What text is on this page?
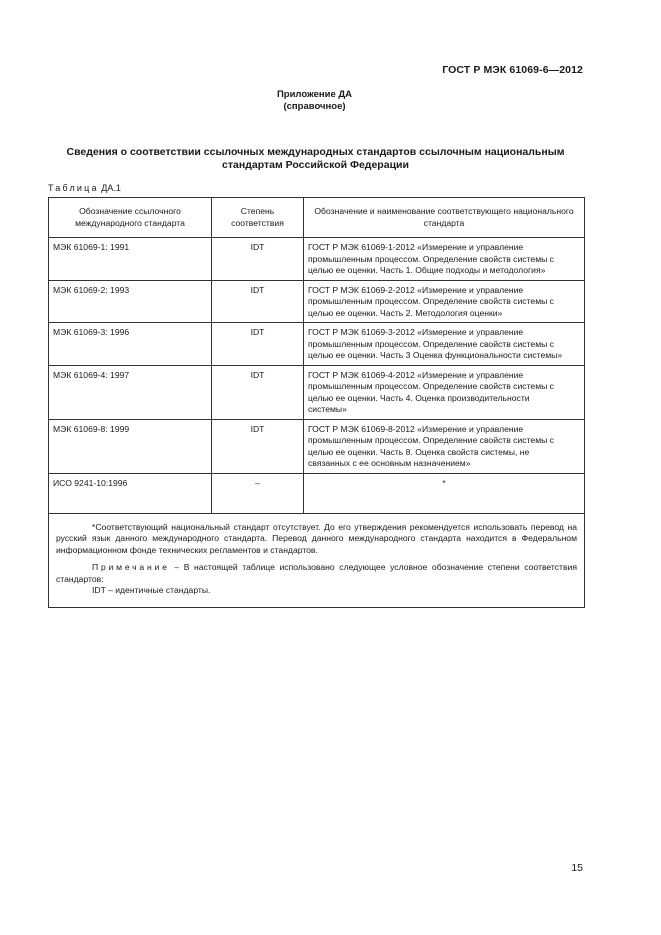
ГОСТ Р МЭК 61069-6—2012
Приложение ДА
(справочное)
Сведения о соответствии ссылочных международных стандартов ссылочным национальным стандартам Российской Федерации
Таблица ДА.1
Обозначение ссылочного международного стандарта	Степень соответствия	Обозначение и наименование соответствующего национального стандарта
МЭК 61069-1: 1991	IDT	ГОСТ Р МЭК 61069-1-2012 «Измерение и управление промышленным процессом. Определение свойств системы с целью ее оценки. Часть 1. Общие подходы и методология»
МЭК 61069-2: 1993	IDT	ГОСТ Р МЭК 61069-2-2012 «Измерение и управление промышленным процессом. Определение свойств системы с целью ее оценки. Часть 2. Методология оценки»
МЭК 61069-3: 1996	IDT	ГОСТ Р МЭК 61069-3-2012 «Измерение и управление промышленным процессом. Определение свойств системы с целью ее оценки. Часть 3 Оценка функциональности системы»
МЭК 61069-4: 1997	IDT	ГОСТ Р МЭК 61069-4-2012 «Измерение и управление промышленным процессом. Определение свойств системы с целью ее оценки. Часть 4. Оценка производительности системы»
МЭК 61069-8: 1999	IDT	ГОСТ Р МЭК 61069-8-2012 «Измерение и управление промышленным процессом. Определение свойств системы с целью ее оценки. Часть 8. Оценка свойств системы, не связанных с ее основным назначением»
ИСО 9241-10:1996	–	*

*Соответствующий национальный стандарт отсутствует. До его утверждения рекомендуется использовать перевод на русский язык данного международного стандарта. Перевод данного международного стандарта находится в Федеральном информационном фонде технических регламентов и стандартов.

Примечание – В настоящей таблице использовано следующее условное обозначение степени соответствия стандартов:

IDT – идентичные стандарты.		

15
